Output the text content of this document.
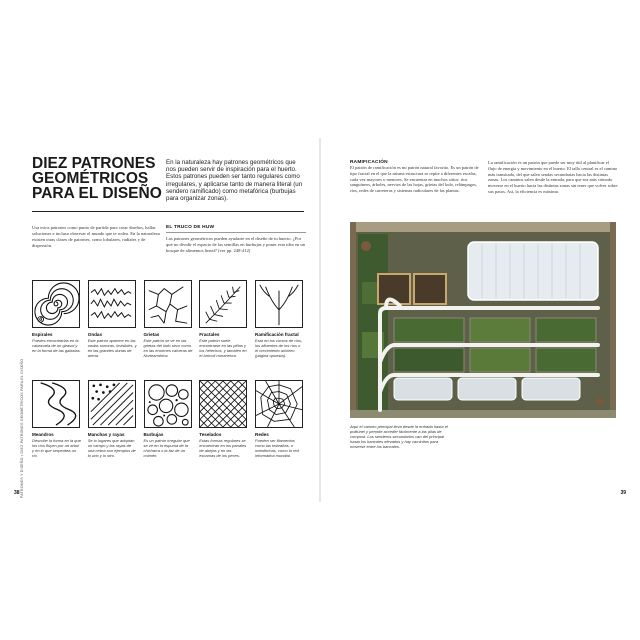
PATRONES Y DISEÑO • DIEZ PATRONES GEOMÉTRICOS PARA EL DISEÑO
DIEZ PATRONES
GEOMÉTRICOS
PARA EL DISEÑO
En la naturaleza hay patrones geométricos que nos pueden servir de inspiración para el huerto. Estos patrones pueden ser tanto regulares como irregulares, y aplicarse tanto de manera literal (un sendero ramificado) como metafórica (burbujas para organizar zonas).
Usa estos patrones como punto de partida para crear diseños, hallar soluciones e incluso observar el mundo que te rodea. En la naturaleza existen otras clases de patrones, como lobulares, radiales y de dispersión.
EL TRUCO DE HUW
Las patrones geométricos pueden ayudarte en el diseño de tu huerto. ¿Por qué no dividir el espacio de las semillas en burbujas y poner esta idea en un bosque de alimentos lineal? (ver pp. 248-412)
Espirales
Puedes encontrarlas en la cabezuela de un girasol y en la forma de las galaxias.
Ondas
Este patrón aparece en las ondas sonoras, invisibles, y en las grandes dunas de arena.
Grietas
Este patrón se ve en las grietas del lodo seco como en las enormes calveras de Norteamérica.
Fractales
Este patrón suele encontrarse en las piñas y los helechos, y también en el brócoli romanesco.
Ramificación fractal
Está en los cursos de ríos, los afluentes de los ríos o el crecimiento arbóreo (página opuesta).
Meandros
Describe la forma en la que los ríos fluyen por un arbol y en lo que serpentea un río.
Manchas y rayas
Se lo lugares que adoptan un campo y las rayas de una cebra son ejemplos de lo uno y lo otro.
Burbujas
Es un patrón irregular que se ve en la espuma de la chicharra o la faz de un colmén.
Teselados
Estas formas regulares se encuentran en los panales de abejas y en las escamas de los peces.
Redes
Pueden ser filamentos como las telarañas, o metafóricas, como la red informática mundial.
38
RAMIFICACIÓN
El patrón de ramificación es mi patrón natural favorito. Es un patrón de tipo fractal en el que la misma estructura se repite a diferentes escalas, cada vez mayores o menores. Se encuentra en muchos sitios: ríos sanguíneos, árboles, nervios de las hojas, grietas del lodo, relámpagos, ríos, redes de carreteras y sistemas radiculares de las plantas.
La ramificación es un patrón que puede ser muy útil al planificar el flujo de energía y movimiento en el huerto. El tallo central es el camino más transitado, del que salen sendas secundarias hacia las distintas zonas. Los caminos salen desde la entrada, para que sea más cómodo moverse en el huerto hacia las distintas zonas sin tener que volver sobre sus pasos. Así, la eficiencia es máxima.
Aquí el camino principal lleva desde la entrada hasta el politúnel y permite acceder fácilmente a las pilas de compost. Los senderos secundarios van del principal hasta los bancales elevados y hay caminitos para moverse entre los bancales.
39
